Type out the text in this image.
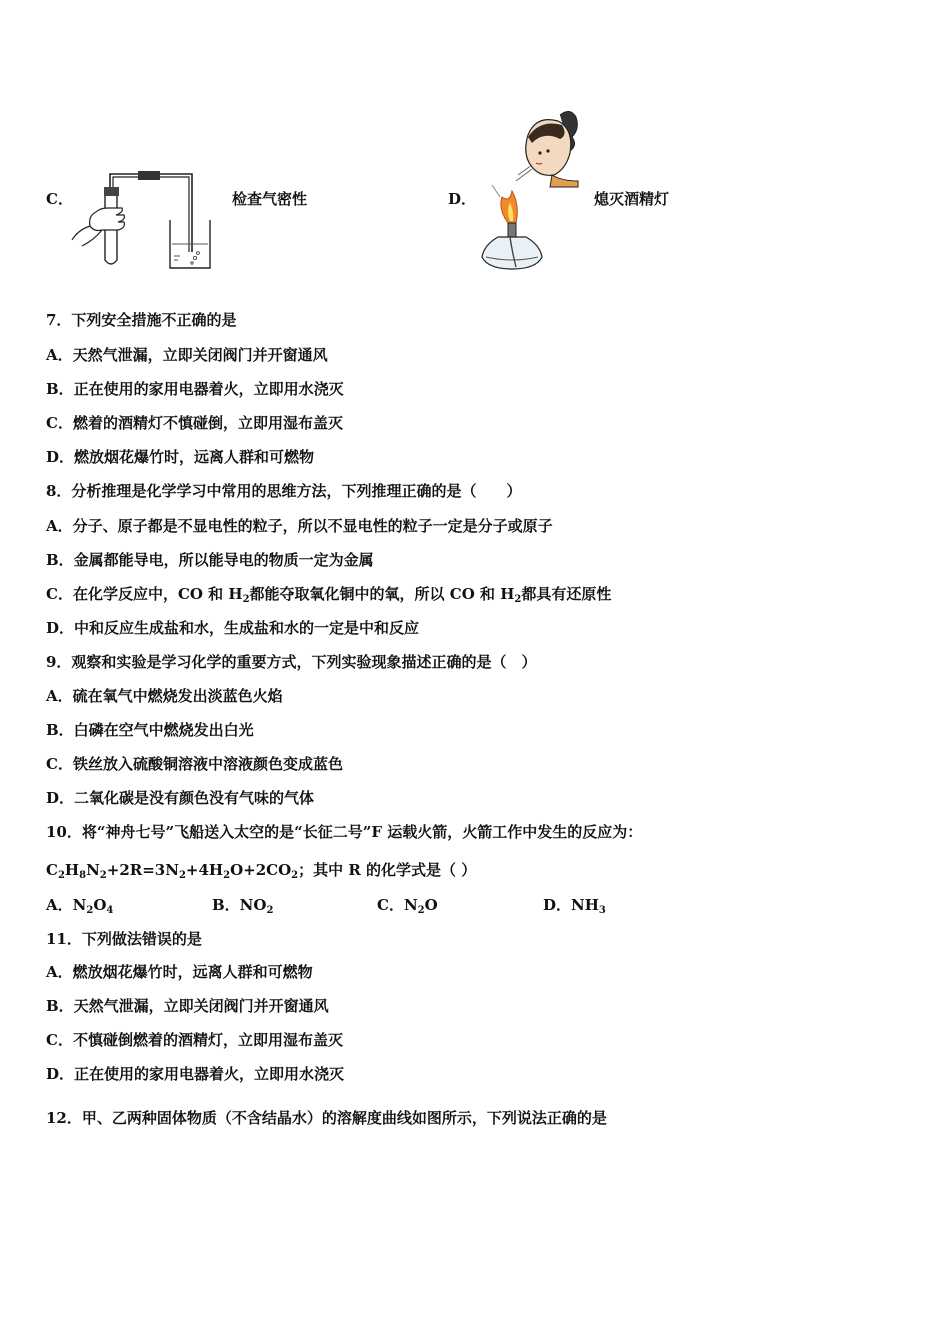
C．	检查气密性	D．	熄灭酒精灯
7．下列安全措施不正确的是
A．天然气泄漏，立即关闭阀门并开窗通风
B．正在使用的家用电器着火，立即用水浇灭
C．燃着的酒精灯不慎碰倒，立即用湿布盖灭
D．燃放烟花爆竹时，远离人群和可燃物
8．分析推理是化学学习中常用的思维方法，下列推理正确的是（　　）
A．分子、原子都是不显电性的粒子，所以不显电性的粒子一定是分子或原子
B．金属都能导电，所以能导电的物质一定为金属
C．在化学反应中，CO 和 $H_2$都能夺取氧化铜中的氧，所以 CO 和 $H_2$都具有还原性
D．中和反应生成盐和水，生成盐和水的一定是中和反应
9．观察和实验是学习化学的重要方式，下列实验现象描述正确的是（　）
A．硫在氧气中燃烧发出淡蓝色火焰
B．白磷在空气中燃烧发出白光
C．铁丝放入硫酸铜溶液中溶液颜色变成蓝色
D．二氧化碳是没有颜色没有气味的气体
10．将“神舟七号”飞船送入太空的是“长征二号”F 运载火箭，火箭工作中发生的反应为：
$C_2H_8N_2+2R=3N_2+4H_2O+2CO_2$；其中 R 的化学式是（ ）
A．$N_2O_4$	B．$NO_2$	C．$N_2O$	D．$NH_3$
11．下列做法错误的是
A．燃放烟花爆竹时，远离人群和可燃物
B．天然气泄漏，立即关闭阀门并开窗通风
C．不慎碰倒燃着的酒精灯，立即用湿布盖灭
D．正在使用的家用电器着火，立即用水浇灭
12．甲、乙两种固体物质（不含结晶水）的溶解度曲线如图所示，下列说法正确的是
